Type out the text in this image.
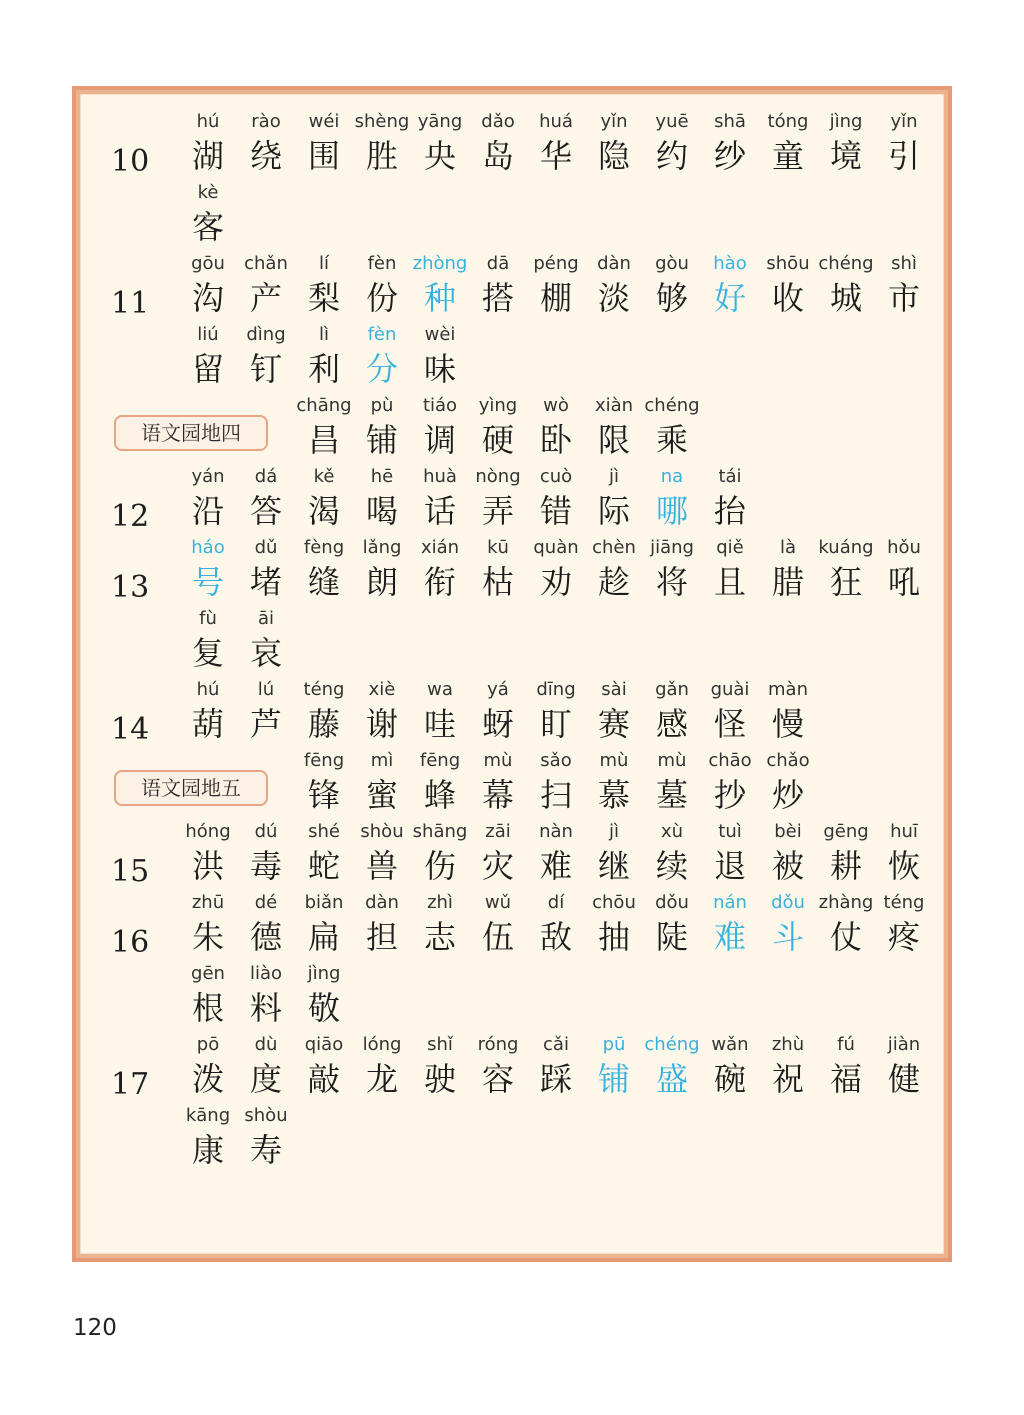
10
hú
湖
rào
绕
wéi
围
shèng
胜
yāng
央
dǎo
岛
huá
华
yǐn
隐
yuē
约
shā
纱
tóng
童
jìng
境
yǐn
引
kè
客
11
gōu
沟
chǎn
产
lí
梨
fèn
份
zhòng
种
dā
搭
péng
棚
dàn
淡
gòu
够
hào
好
shōu
收
chéng
城
shì
市
liú
留
dìng
钉
lì
利
fèn
分
wèi
味
语文园地四
chāng
昌
pù
铺
tiáo
调
yìng
硬
wò
卧
xiàn
限
chéng
乘
12
yán
沿
dá
答
kě
渴
hē
喝
huà
话
nòng
弄
cuò
错
jì
际
na
哪
tái
抬
13
háo
号
dǔ
堵
fèng
缝
lǎng
朗
xián
衔
kū
枯
quàn
劝
chèn
趁
jiāng
将
qiě
且
là
腊
kuáng
狂
hǒu
吼
fù
复
āi
哀
14
hú
葫
lú
芦
téng
藤
xiè
谢
wa
哇
yá
蚜
dīng
盯
sài
赛
gǎn
感
guài
怪
màn
慢
语文园地五
fēng
锋
mì
蜜
fēng
蜂
mù
幕
sǎo
扫
mù
慕
mù
墓
chāo
抄
chǎo
炒
15
hóng
洪
dú
毒
shé
蛇
shòu
兽
shāng
伤
zāi
灾
nàn
难
jì
继
xù
续
tuì
退
bèi
被
gēng
耕
huī
恢
16
zhū
朱
dé
德
biǎn
扁
dàn
担
zhì
志
wǔ
伍
dí
敌
chōu
抽
dǒu
陡
nán
难
dǒu
斗
zhàng
仗
téng
疼
gēn
根
liào
料
jìng
敬
17
pō
泼
dù
度
qiāo
敲
lóng
龙
shǐ
驶
róng
容
cǎi
踩
pū
铺
chéng
盛
wǎn
碗
zhù
祝
fú
福
jiàn
健
kāng
康
shòu
寿
120
